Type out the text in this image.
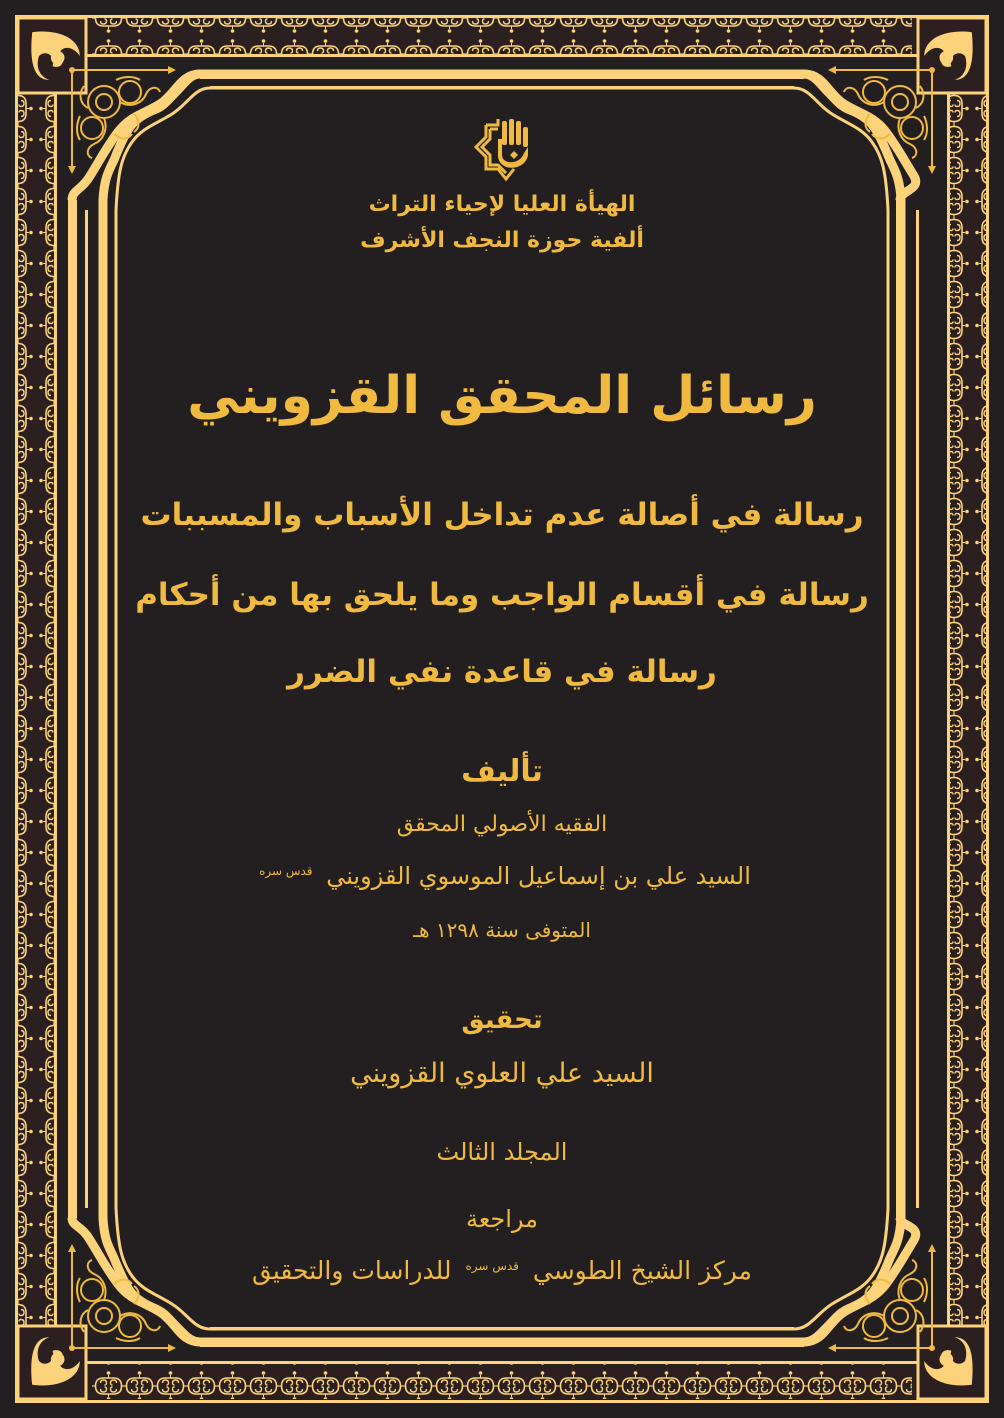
الهيأة العليا لإحياء التراث
ألفية حوزة النجف الأشرف
رسائل المحقق القزويني
رسالة في أصالة عدم تداخل الأسباب والمسببات
رسالة في أقسام الواجب وما يلحق بها من أحكام
رسالة في قاعدة نفي الضرر
تأليف
الفقيه الأصولي المحقق
السيد علي بن إسماعيل الموسوي القزويني $^{قدس سره}$
المتوفى سنة ١٢٩٨ هـ
تحقيق
السيد علي العلوي القزويني
المجلد الثالث
مراجعة
مركز الشيخ الطوسي $^{قدس سره}$ للدراسات والتحقيق
